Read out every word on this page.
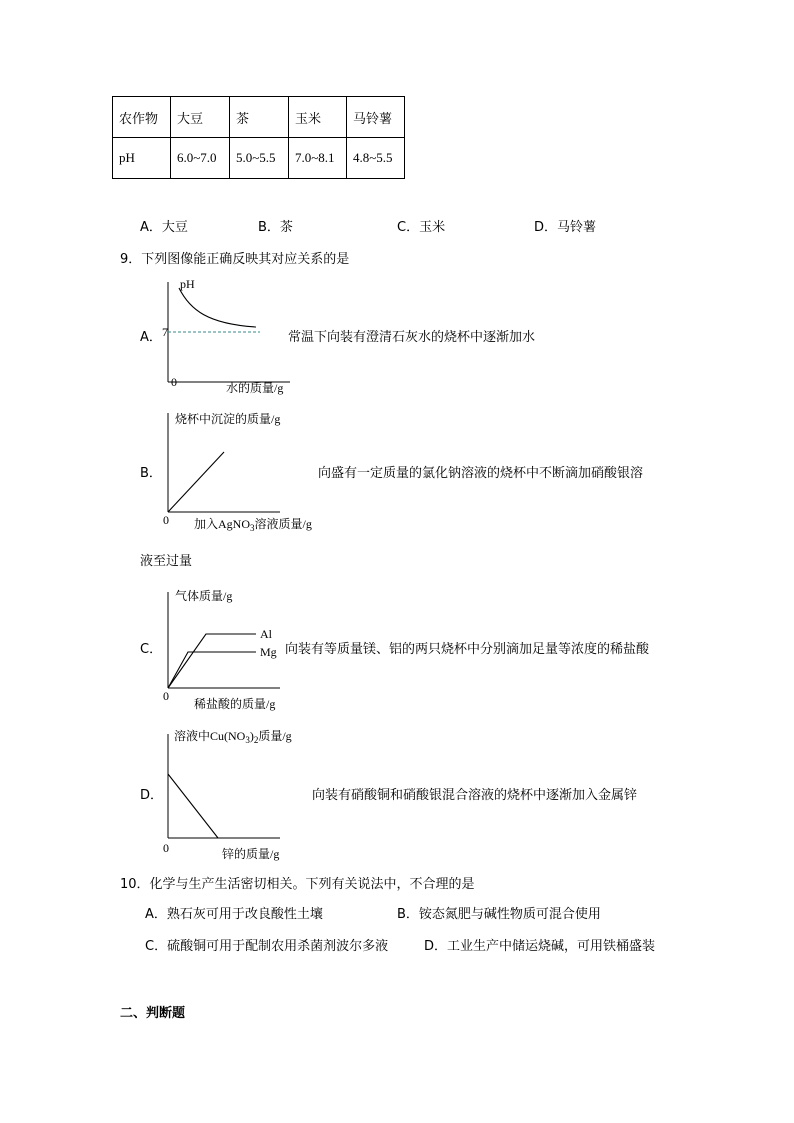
农作物	大豆	茶	玉米	马铃薯
pH	6.0~7.0	5.0~5.5	7.0~8.1	4.8~5.5
A．大豆	B．茶	C．玉米	D．马铃薯
9．下列图像能正确反映其对应关系的是
A．
pH
7
0	水的质量/g
常温下向装有澄清石灰水的烧杯中逐渐加水
B．
烧杯中沉淀的质量/g
0 加入AgNO$_3$溶液质量/g
向盛有一定质量的氯化钠溶液的烧杯中不断滴加硝酸银溶
液至过量
C．
气体质量/g
Al
Mg
0
稀盐酸的质量/g
向装有等质量镁、铝的两只烧杯中分别滴加足量等浓度的稀盐酸
D．
溶液中$Cu(NO_3)_2$质量/g
0	锌的质量/g
向装有硝酸铜和硝酸银混合溶液的烧杯中逐渐加入金属锌
10．化学与生产生活密切相关。下列有关说法中，不合理的是
A．熟石灰可用于改良酸性土壤	B．铵态氮肥与碱性物质可混合使用
C．硫酸铜可用于配制农用杀菌剂波尔多液	D．工业生产中储运烧碱，可用铁桶盛装
二、判断题
